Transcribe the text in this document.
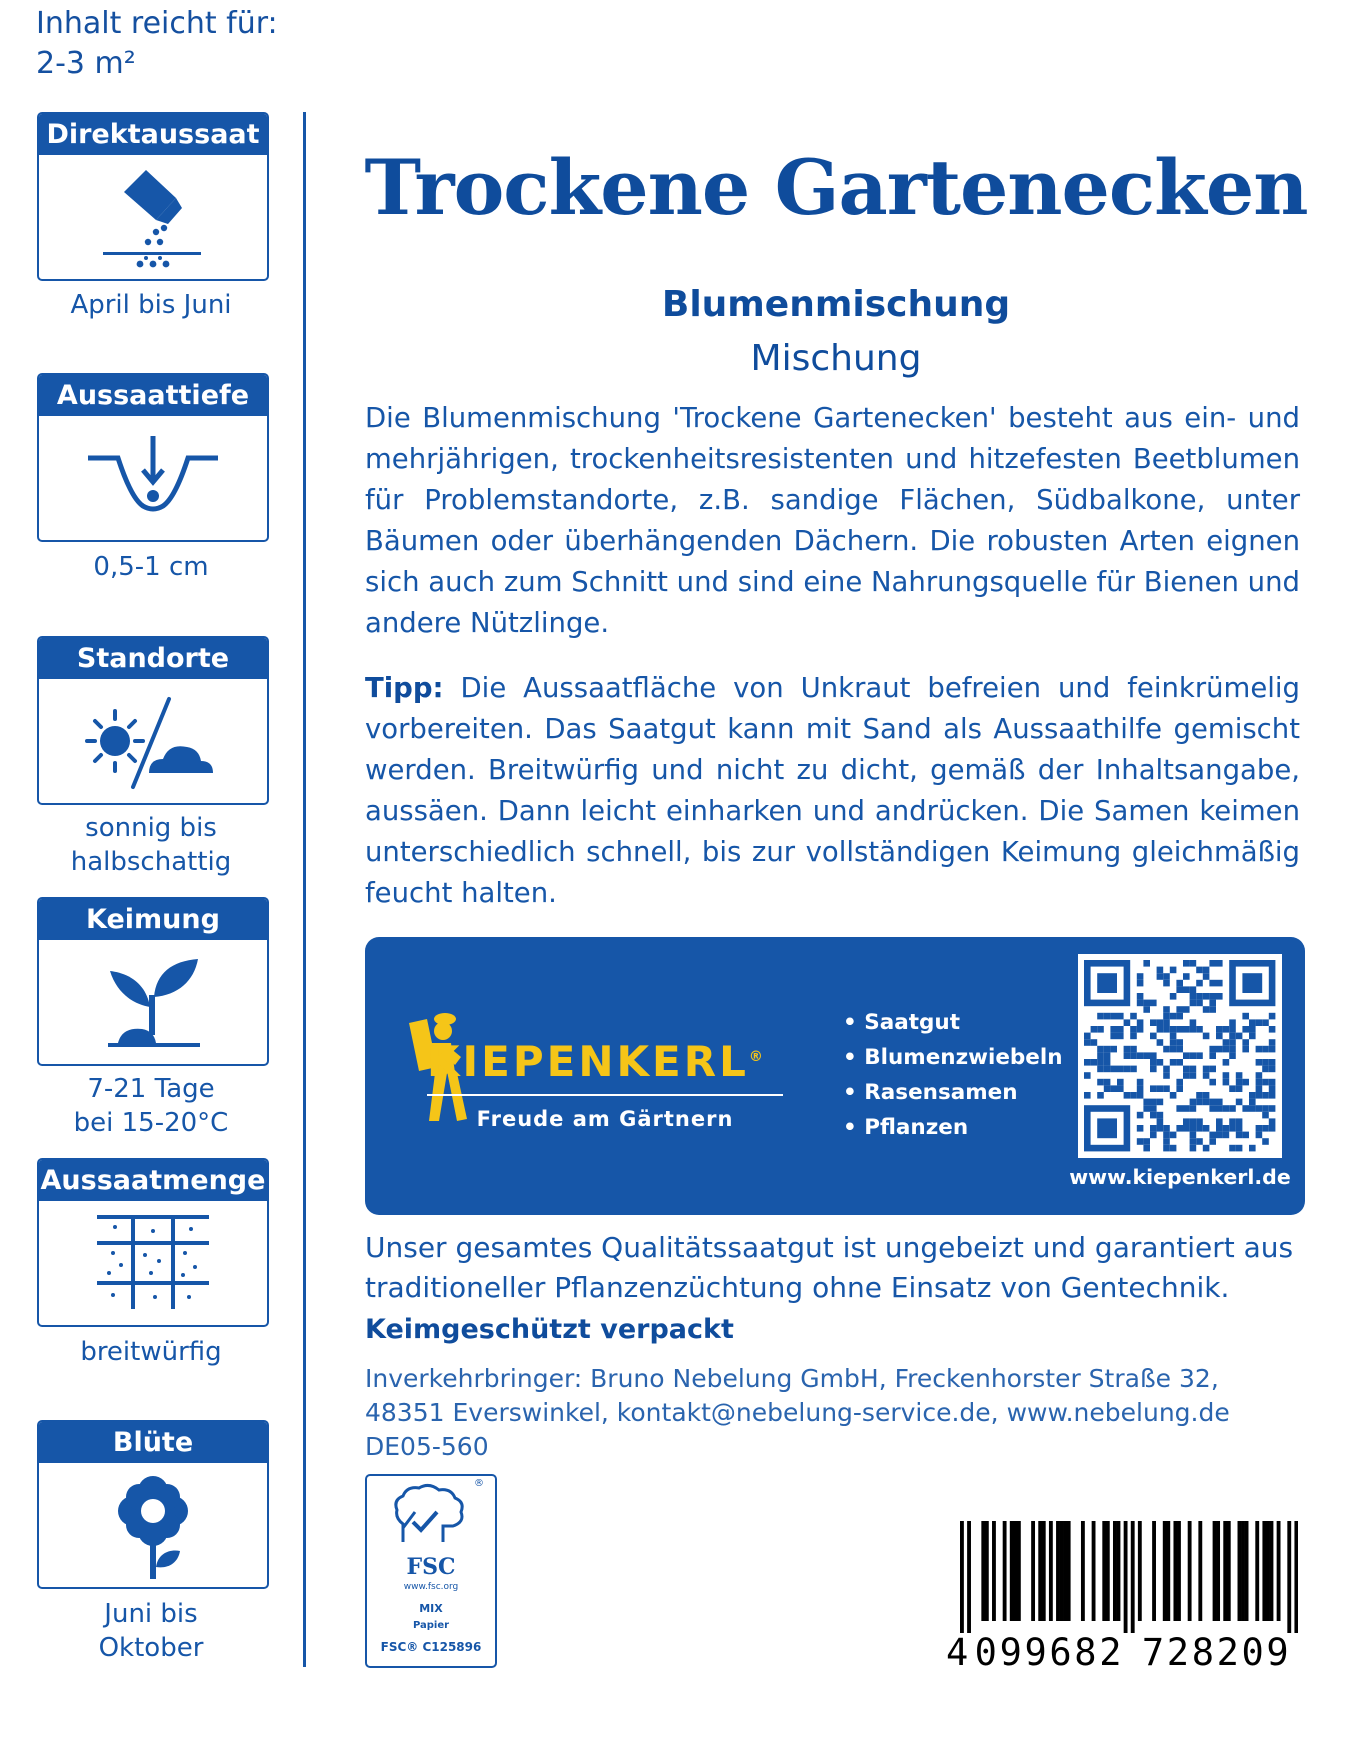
Inhalt reicht für:
2-3 m²
Direktaussaat
April bis Juni
Aussaattiefe
0,5-1 cm
Standorte
sonnig bis
halbschattig
Keimung
7-21 Tage
bei 15-20°C
Aussaatmenge
breitwürfig
Blüte
Juni bis
Oktober
Trockene Gartenecken
Blumenmischung
Mischung
Die Blumenmischung 'Trockene Gartenecken' besteht aus ein- und mehrjährigen, trockenheitsresistenten und hitzefesten Beetblumen für Problemstandorte, z.B. sandige Flächen, Südbalkone, unter Bäumen oder überhängenden Dächern. Die robusten Arten eignen sich auch zum Schnitt und sind eine Nahrungsquelle für Bienen und andere Nützlinge.
Tipp: Die Aussaatfläche von Unkraut befreien und feinkrümelig vorbereiten. Das Saatgut kann mit Sand als Aussaathilfe gemischt werden. Breitwürfig und nicht zu dicht, gemäß der Inhaltsangabe, aussäen. Dann leicht einharken und andrücken. Die Samen keimen unterschiedlich schnell, bis zur vollständigen Keimung gleichmäßig feucht halten.
KIEPENKERL®
Freude am Gärtnern
• Saatgut
• Blumenzwiebeln
• Rasensamen
• Pflanzen
www.kiepenkerl.de
Unser gesamtes Qualitätssaatgut ist ungebeizt und garantiert aus traditioneller Pflanzenzüchtung ohne Einsatz von Gentechnik.
Keimgeschützt verpackt
Inverkehrbringer: Bruno Nebelung GmbH, Freckenhorster Straße 32,
48351 Everswinkel, kontakt@nebelung-service.de, www.nebelung.de
DE05-560
®
FSC
www.fsc.org
MIX
Papier
FSC® C125896	4 0 9 9 6 8 2 7 2 8 2 0 9
